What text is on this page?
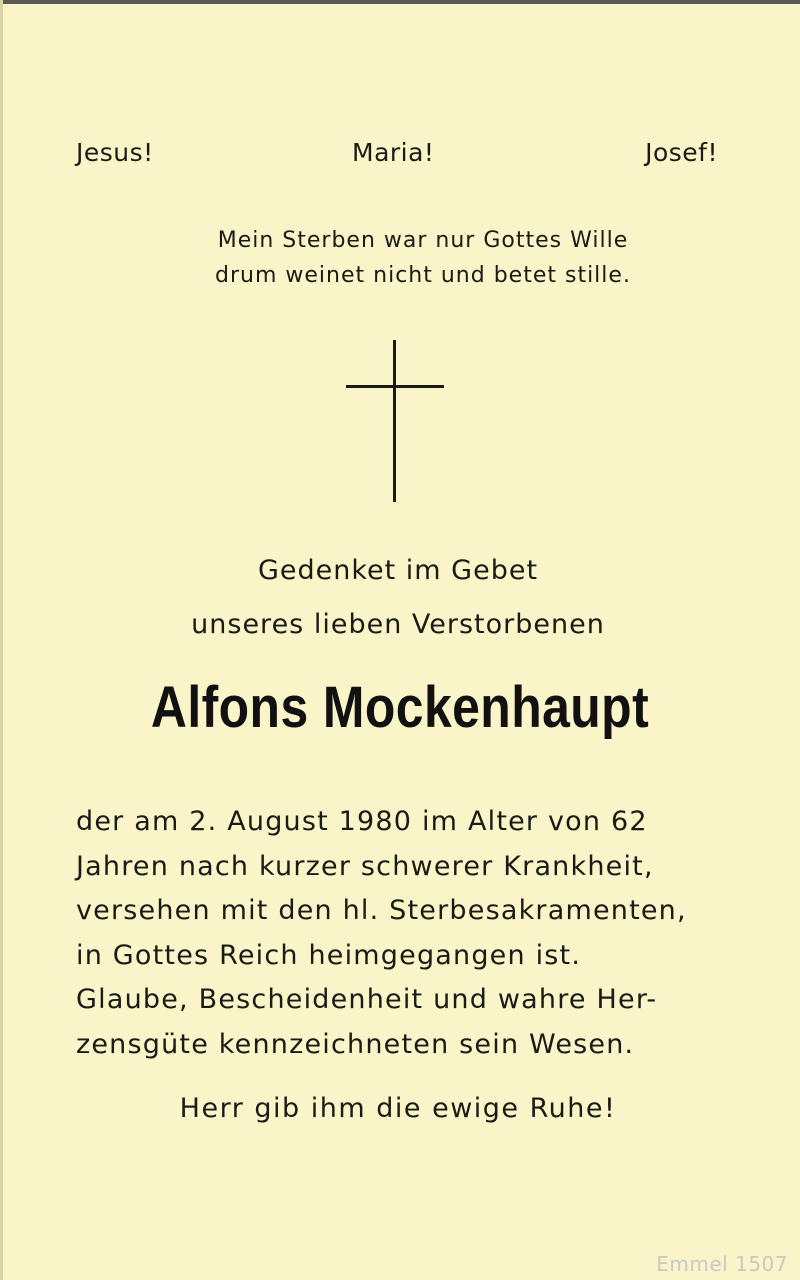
Jesus!	Maria!	Josef!
Mein Sterben war nur Gottes Wille
drum weinet nicht und betet stille.
Gedenket im Gebet
unseres lieben Verstorbenen
Alfons Mockenhaupt
der am 2. August 1980 im Alter von 62
Jahren nach kurzer schwerer Krankheit,
versehen mit den hl. Sterbesakramenten,
in Gottes Reich heimgegangen ist.
Glaube, Bescheidenheit und wahre Her-
zensgüte kennzeichneten sein Wesen.
Herr gib ihm die ewige Ruhe!
Emmel 1507
